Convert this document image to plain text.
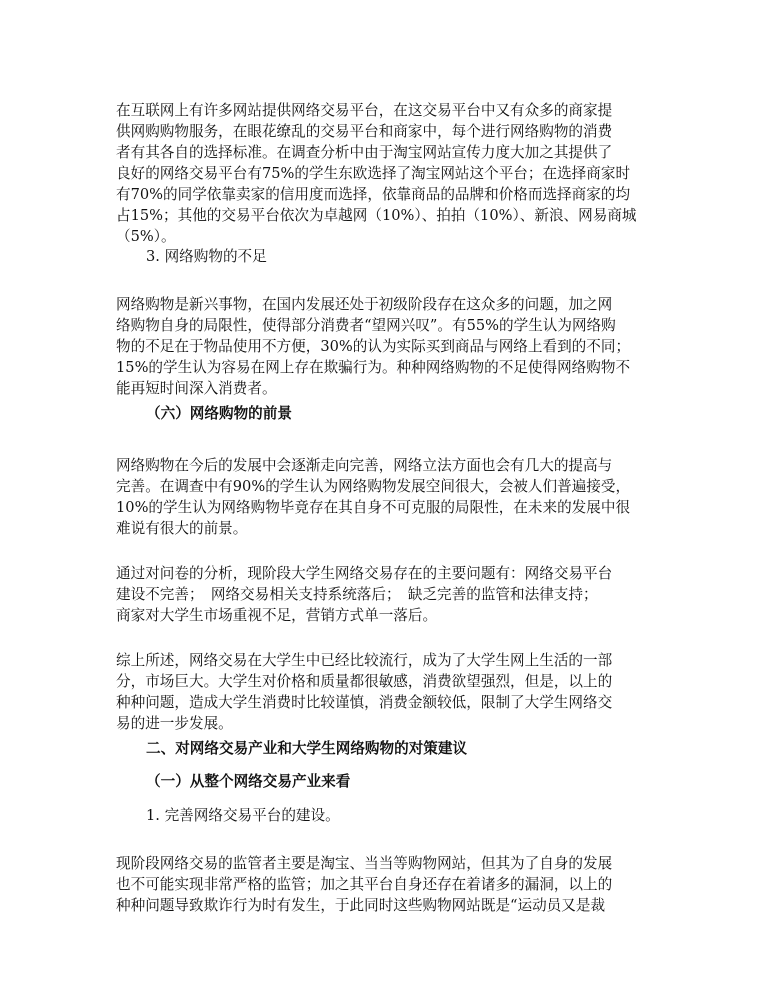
在互联网上有许多网站提供网络交易平台，在这交易平台中又有众多的商家提
供网购购物服务，在眼花缭乱的交易平台和商家中，每个进行网络购物的消费
者有其各自的选择标准。在调查分析中由于淘宝网站宣传力度大加之其提供了
良好的网络交易平台有75%的学生东欧选择了淘宝网站这个平台；在选择商家时
有70%的同学依靠卖家的信用度而选择，依靠商品的品牌和价格而选择商家的均
占15%；其他的交易平台依次为卓越网（10%）、拍拍（10%）、新浪、网易商城
（5%）。

3. 网络购物的不足

网络购物是新兴事物，在国内发展还处于初级阶段存在这众多的问题，加之网
络购物自身的局限性，使得部分消费者“望网兴叹”。有55%的学生认为网络购
物的不足在于物品使用不方便，30%的认为实际买到商品与网络上看到的不同；
15%的学生认为容易在网上存在欺骗行为。种种网络购物的不足使得网络购物不
能再短时间深入消费者。

（六）网络购物的前景

网络购物在今后的发展中会逐渐走向完善，网络立法方面也会有几大的提高与
完善。在调查中有90%的学生认为网络购物发展空间很大，会被人们普遍接受，
10%的学生认为网络购物毕竟存在其自身不可克服的局限性，在未来的发展中很
难说有很大的前景。

通过对问卷的分析，现阶段大学生网络交易存在的主要问题有：网络交易平台
建设不完善；　网络交易相关支持系统落后；　缺乏完善的监管和法律支持；
商家对大学生市场重视不足，营销方式单一落后。

综上所述，网络交易在大学生中已经比较流行，成为了大学生网上生活的一部
分，市场巨大。大学生对价格和质量都很敏感，消费欲望强烈，但是，以上的
种种问题，造成大学生消费时比较谨慎，消费金额较低，限制了大学生网络交
易的进一步发展。

二、对网络交易产业和大学生网络购物的对策建议

（一）从整个网络交易产业来看

1. 完善网络交易平台的建设。

现阶段网络交易的监管者主要是淘宝、当当等购物网站，但其为了自身的发展
也不可能实现非常严格的监管；加之其平台自身还存在着诸多的漏洞，以上的
种种问题导致欺诈行为时有发生，于此同时这些购物网站既是“运动员又是裁
